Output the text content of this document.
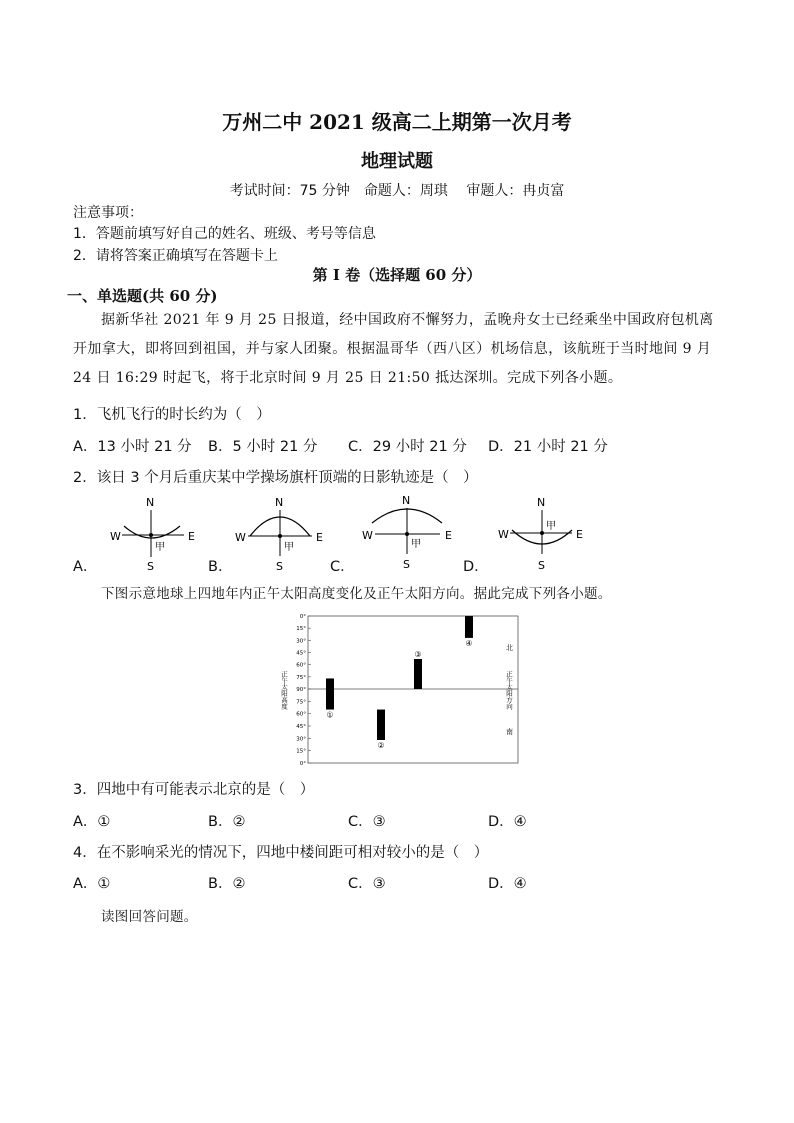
万州二中 2021 级高二上期第一次月考
地理试题
考试时间：75 分钟　命题人：周琪　 审题人：冉贞富
注意事项：
1．答题前填写好自己的姓名、班级、考号等信息
2．请将答案正确填写在答题卡上
第 I 卷（选择题 60 分）
一、单选题(共 60 分)
据新华社 2021 年 9 月 25 日报道，经中国政府不懈努力，孟晚舟女士已经乘坐中国政府包机离开加拿大，即将回到祖国，并与家人团聚。根据温哥华（西八区）机场信息，该航班于当时地间 9 月 24 日 16:29 时起飞，将于北京时间 9 月 25 日 21:50 抵达深圳。完成下列各小题。
1．飞机飞行的时长约为（　）
A．13 小时 21 分 B．5 小时 21 分 C．29 小时 21 分 D．21 小时 21 分
2．该日 3 个月后重庆某中学操场旗杆顶端的日影轨迹是（　）
N
S
W	E
甲
N
S
W	E
甲
N
S
W	E
甲
N
S
W	E
甲
A．	B．	C．	D．
下图示意地球上四地年内正午太阳高度变化及正午太阳方向。据此完成下列各小题。
0°
15°
30°
45°
60°
75°
90°
75°
60°
45°
30°
15°
0°
①
②
③
④
正午太阳高度	正午太阳方向
北
南
3．四地中有可能表示北京的是（　）
A．①	B．②	C．③	D．④
4．在不影响采光的情况下，四地中楼间距可相对较小的是（　）
A．①	B．②	C．③	D．④
读图回答问题。
